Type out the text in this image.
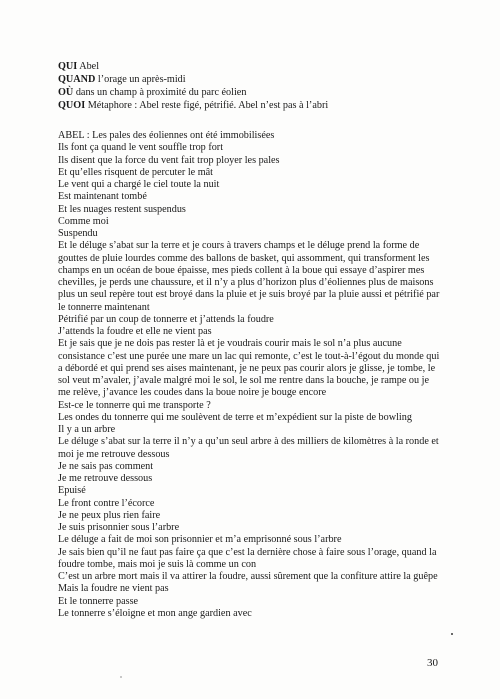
QUI Abel
QUAND l’orage un après-midi
OÙ dans un champ à proximité du parc éolien
QUOI Métaphore : Abel reste figé, pétrifié. Abel n’est pas à l’abri
ABEL : Les pales des éoliennes ont été immobilisées
Ils font ça quand le vent souffle trop fort
Ils disent que la force du vent fait trop ployer les pales
Et qu’elles risquent de percuter le mât
Le vent qui a chargé le ciel toute la nuit
Est maintenant tombé
Et les nuages restent suspendus
Comme moi
Suspendu
Et le déluge s’abat sur la terre et je cours à travers champs et le déluge prend la forme de
gouttes de pluie lourdes comme des ballons de basket, qui assomment, qui transforment les
champs en un océan de boue épaisse, mes pieds collent à la boue qui essaye d’aspirer mes
chevilles, je perds une chaussure, et il n’y a plus d’horizon plus d’éoliennes plus de maisons
plus un seul repère tout est broyé dans la pluie et je suis broyé par la pluie aussi et pétrifié par
le tonnerre maintenant
Pétrifié par un coup de tonnerre et j’attends la foudre
J’attends la foudre et elle ne vient pas
Et je sais que je ne dois pas rester là et je voudrais courir mais le sol n’a plus aucune
consistance c’est une purée une mare un lac qui remonte, c’est le tout-à-l’égout du monde qui
a débordé et qui prend ses aises maintenant, je ne peux pas courir alors je glisse, je tombe, le
sol veut m’avaler, j’avale malgré moi le sol, le sol me rentre dans la bouche, je rampe ou je
me relève, j’avance les coudes dans la boue noire je bouge encore
Est-ce le tonnerre qui me transporte ?
Les ondes du tonnerre qui me soulèvent de terre et m’expédient sur la piste de bowling
Il y a un arbre
Le déluge s’abat sur la terre il n’y a qu’un seul arbre à des milliers de kilomètres à la ronde et
moi je me retrouve dessous
Je ne sais pas comment
Je me retrouve dessous
Epuisé
Le front contre l’écorce
Je ne peux plus rien faire
Je suis prisonnier sous l’arbre
Le déluge a fait de moi son prisonnier et m’a emprisonné sous l’arbre
Je sais bien qu’il ne faut pas faire ça que c’est la dernière chose à faire sous l’orage, quand la
foudre tombe, mais moi je suis là comme un con
C’est un arbre mort mais il va attirer la foudre, aussi sûrement que la confiture attire la guêpe
Mais la foudre ne vient pas
Et le tonnerre passe
Le tonnerre s’éloigne et mon ange gardien avec
30
